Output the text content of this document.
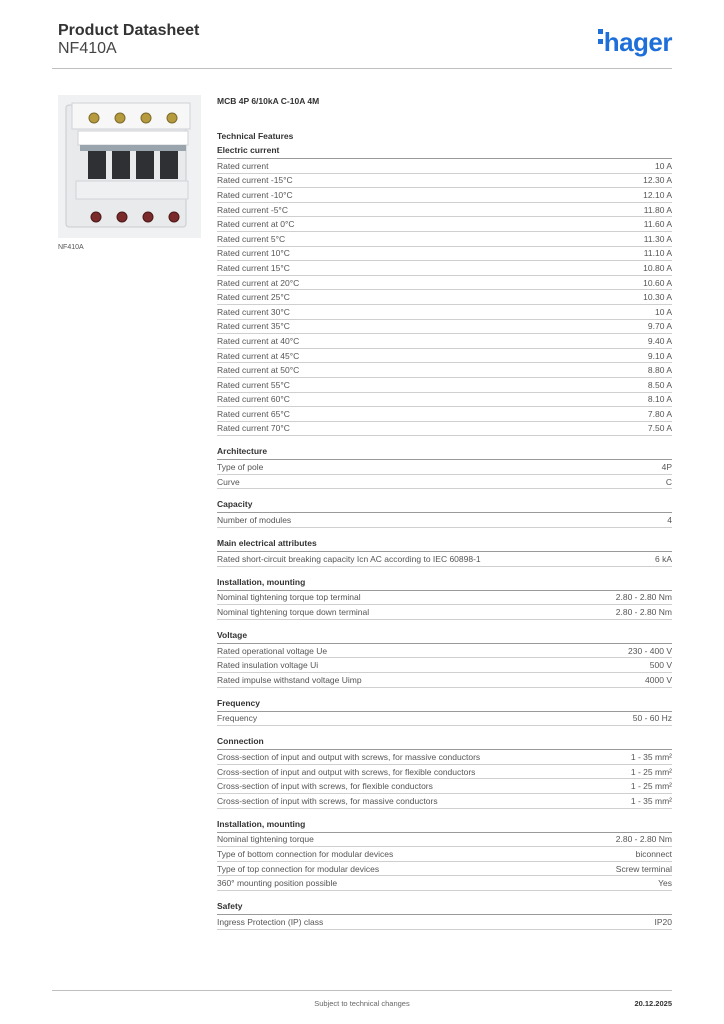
Product Datasheet
NF410A	hager
NF410A
MCB 4P 6/10kA C-10A 4M
Technical Features
Electric current
Rated current	10 A
Rated current -15°C	12.30 A
Rated current -10°C	12.10 A
Rated current -5°C	11.80 A
Rated current at 0°C	11.60 A
Rated current 5°C	11.30 A
Rated current 10°C	11.10 A
Rated current 15°C	10.80 A
Rated current at 20°C	10.60 A
Rated current 25°C	10.30 A
Rated current 30°C	10 A
Rated current 35°C	9.70 A
Rated current at 40°C	9.40 A
Rated current at 45°C	9.10 A
Rated current at 50°C	8.80 A
Rated current 55°C	8.50 A
Rated current 60°C	8.10 A
Rated current 65°C	7.80 A
Rated current 70°C	7.50 A
Architecture
Type of pole	4P
Curve	C
Capacity
Number of modules	4
Main electrical attributes
Rated short-circuit breaking capacity Icn AC according to IEC 60898-1	6 kA
Installation, mounting
Nominal tightening torque top terminal	2.80 - 2.80 Nm
Nominal tightening torque down terminal	2.80 - 2.80 Nm
Voltage
Rated operational voltage Ue	230 - 400 V
Rated insulation voltage Ui	500 V
Rated impulse withstand voltage Uimp	4000 V
Frequency
Frequency	50 - 60 Hz
Connection
Cross-section of input and output with screws, for massive conductors	1 - 35 mm²
Cross-section of input and output with screws, for flexible conductors	1 - 25 mm²
Cross-section of input with screws, for flexible conductors	1 - 25 mm²
Cross-section of input with screws, for massive conductors	1 - 35 mm²
Installation, mounting
Nominal tightening torque	2.80 - 2.80 Nm
Type of bottom connection for modular devices	biconnect
Type of top connection for modular devices	Screw terminal
360° mounting position possible	Yes
Safety
Ingress Protection (IP) class	IP20
Subject to technical changes	20.12.2025
